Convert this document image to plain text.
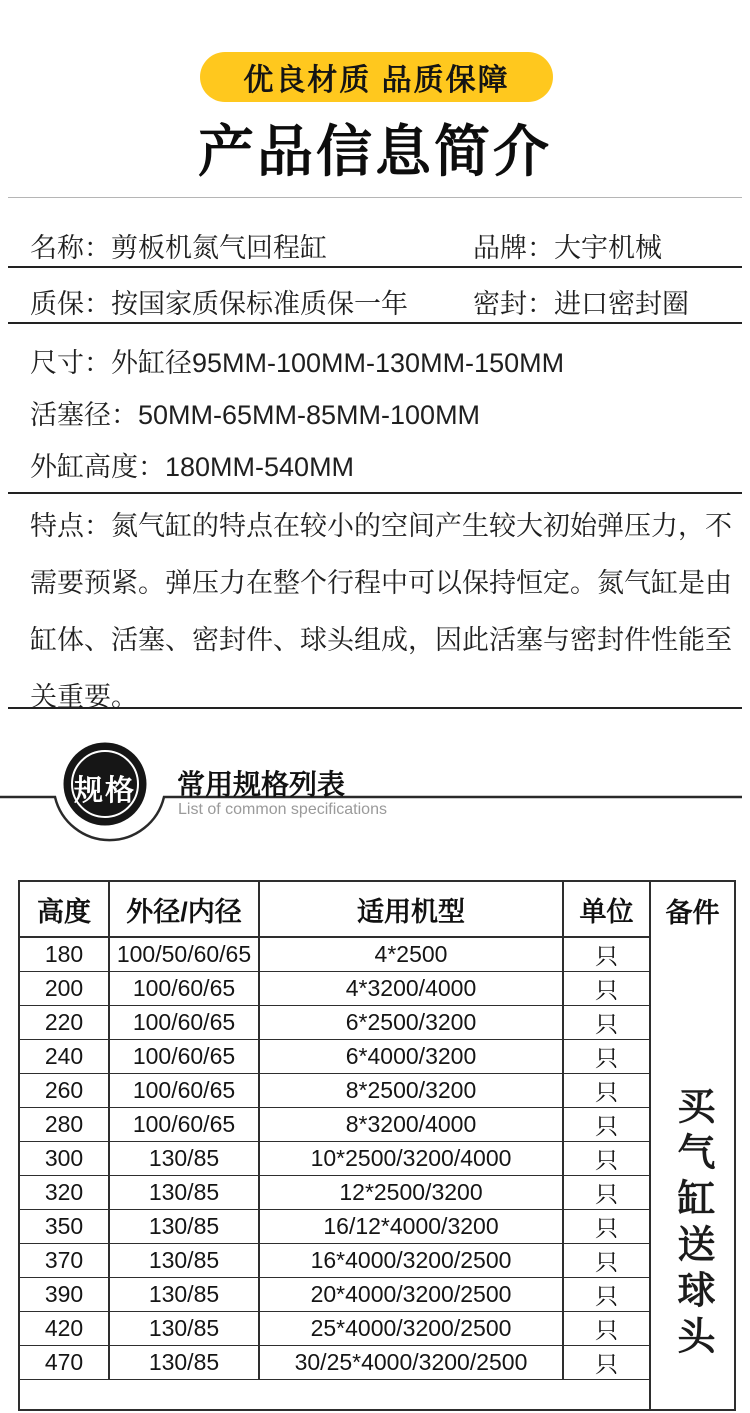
优良材质 品质保障
产品信息简介
名称：剪板机氮气回程缸	品牌：大宇机械
质保：按国家质保标准质保一年 密封：进口密封圈
尺寸：外缸径95MM-100MM-130MM-150MM
活塞径：50MM-65MM-85MM-100MM
外缸高度：180MM-540MM
特点：氮气缸的特点在较小的空间产生较大初始弹压力，不
需要预紧。弹压力在整个行程中可以保持恒定。氮气缸是由
缸体、活塞、密封件、球头组成，因此活塞与密封件性能至
关重要。
规格	常用规格列表
List of common specifications
高度	外径/内径	适用机型	单位	备件
买气缸送球头

180	100/50/60/65	4*2500	只	
200	100/60/65	4*3200/4000	只	
220	100/60/65	6*2500/3200	只	
240	100/60/65	6*4000/3200	只	
260	100/60/65	8*2500/3200	只	
280	100/60/65	8*3200/4000	只	
300	130/85	10*2500/3200/4000	只	
320	130/85	12*2500/3200	只	
350	130/85	16/12*4000/3200	只	
370	130/85	16*4000/3200/2500	只	
390	130/85	20*4000/3200/2500	只	
420	130/85	25*4000/3200/2500	只	
470	130/85	30/25*4000/3200/2500	只	
